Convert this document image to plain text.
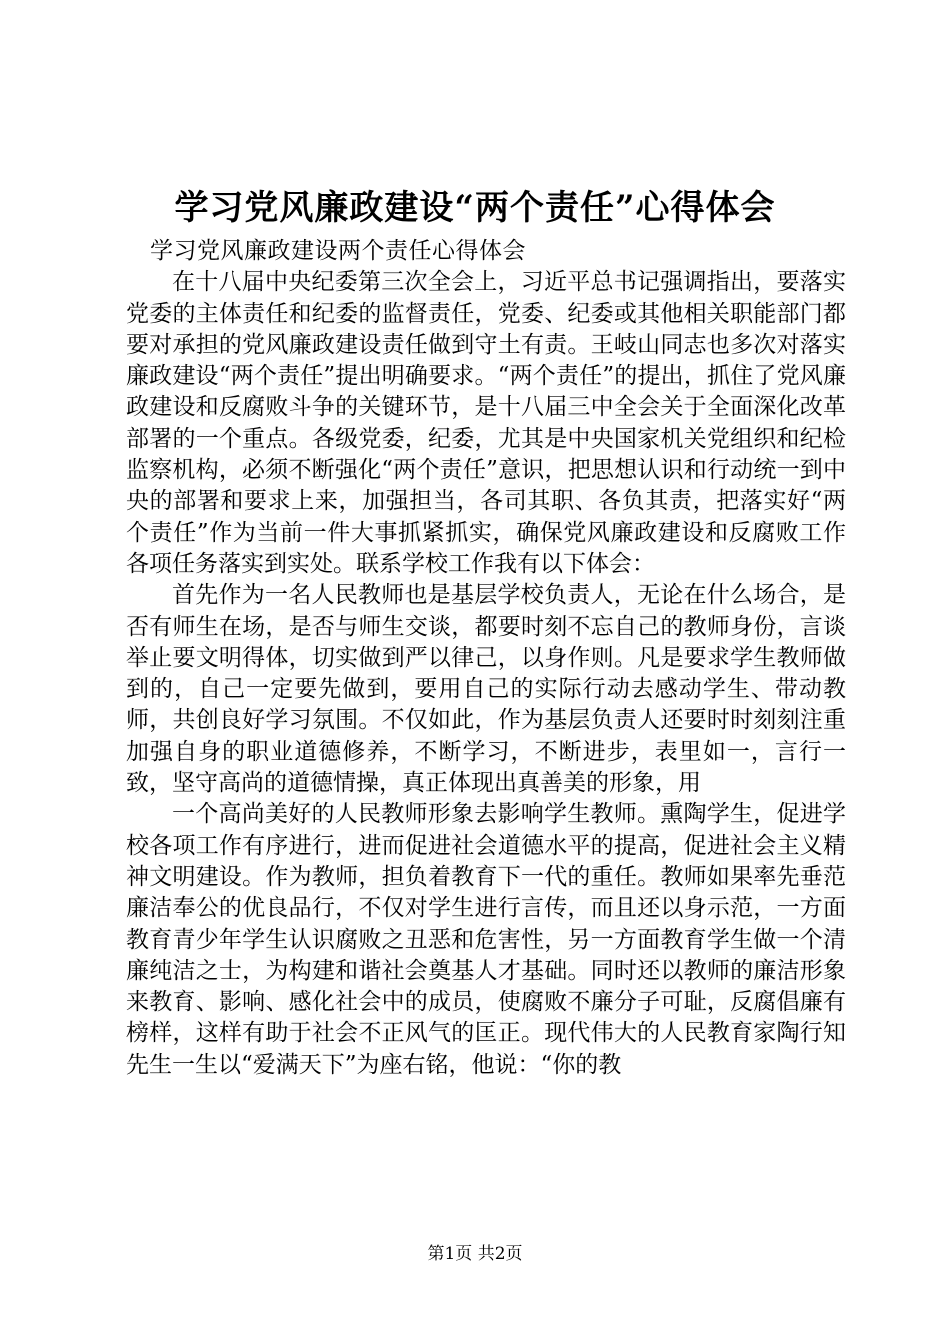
学习党风廉政建设“两个责任”心得体会

学习党风廉政建设两个责任心得体会

在十八届中央纪委第三次全会上，习近平总书记强调指出，要落实党委的主体责任和纪委的监督责任，党委、纪委或其他相关职能部门都要对承担的党风廉政建设责任做到守土有责。王岐山同志也多次对落实廉政建设“两个责任”提出明确要求。“两个责任”的提出，抓住了党风廉政建设和反腐败斗争的关键环节，是十八届三中全会关于全面深化改革部署的一个重点。各级党委，纪委，尤其是中央国家机关党组织和纪检监察机构，必须不断强化“两个责任”意识，把思想认识和行动统一到中央的部署和要求上来，加强担当，各司其职、各负其责，把落实好“两个责任”作为当前一件大事抓紧抓实，确保党风廉政建设和反腐败工作各项任务落实到实处。联系学校工作我有以下体会：

首先作为一名人民教师也是基层学校负责人，无论在什么场合，是否有师生在场，是否与师生交谈，都要时刻不忘自己的教师身份，言谈举止要文明得体，切实做到严以律己，以身作则。凡是要求学生教师做到的，自己一定要先做到，要用自己的实际行动去感动学生、带动教师，共创良好学习氛围。不仅如此，作为基层负责人还要时时刻刻注重加强自身的职业道德修养，不断学习，不断进步，表里如一，言行一致，坚守高尚的道德情操，真正体现出真善美的形象，用

一个高尚美好的人民教师形象去影响学生教师。熏陶学生，促进学校各项工作有序进行，进而促进社会道德水平的提高，促进社会主义精神文明建设。作为教师，担负着教育下一代的重任。教师如果率先垂范廉洁奉公的优良品行，不仅对学生进行言传，而且还以身示范，一方面教育青少年学生认识腐败之丑恶和危害性，另一方面教育学生做一个清廉纯洁之士，为构建和谐社会奠基人才基础。同时还以教师的廉洁形象来教育、影响、感化社会中的成员，使腐败不廉分子可耻，反腐倡廉有榜样，这样有助于社会不正风气的匡正。现代伟大的人民教育家陶行知先生一生以“爱满天下”为座右铭，他说：“你的教

第1页 共2页
